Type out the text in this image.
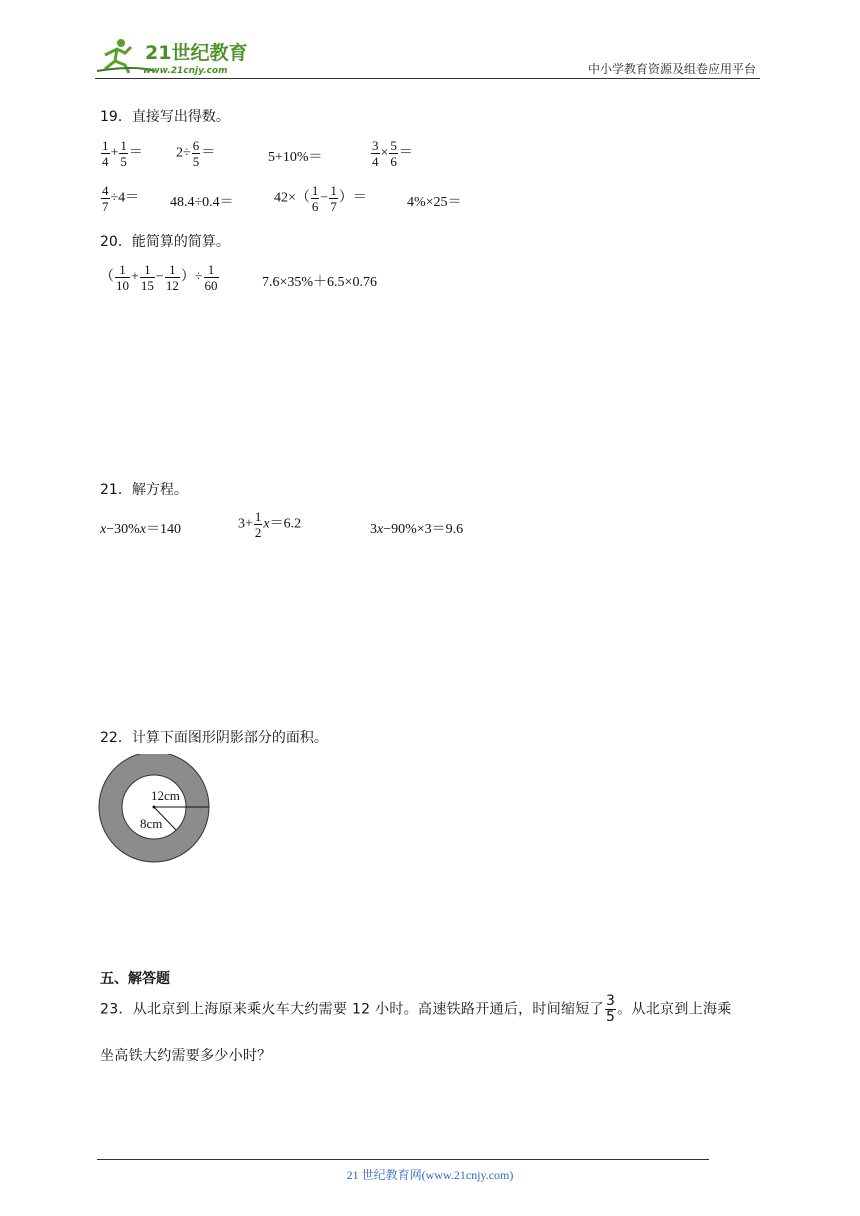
21世纪教育
www.21cnjy.com	中小学教育资源及组卷应用平台
19．直接写出得数。
$\frac{1}{4} + \frac{1}{5} = 2\div \frac{6}{5}$ ＝	5+10%＝	$\frac{3}{4} \times \frac{5}{6}$ ＝
$\frac{4}{7} \div 4= 48.4\div 0.4=$	$42\times( \frac{1}{6} - \frac{1}{7}$ ）＝	4%×25＝
20．能简算的简算。
（ $\frac{1}{10} + \frac{1}{15} - \frac{1}{12}$ ）÷ $\frac{1}{60}$	7.6×35%＋6.5×0.76
21．解方程。
x−30%x＝140	$3+ \frac{1}{2} x=6.2$	3x−90%×3＝9.6
22．计算下面图形阴影部分的面积。
12cm
8cm
五、解答题
23．从北京到上海原来乘火车大约需要 12 小时。高速铁路开通后，时间缩短了 $\frac{3}{5}$ 。从北京到上海乘
坐高铁大约需要多少小时？
21 世纪教育网(www.21cnjy.com)
